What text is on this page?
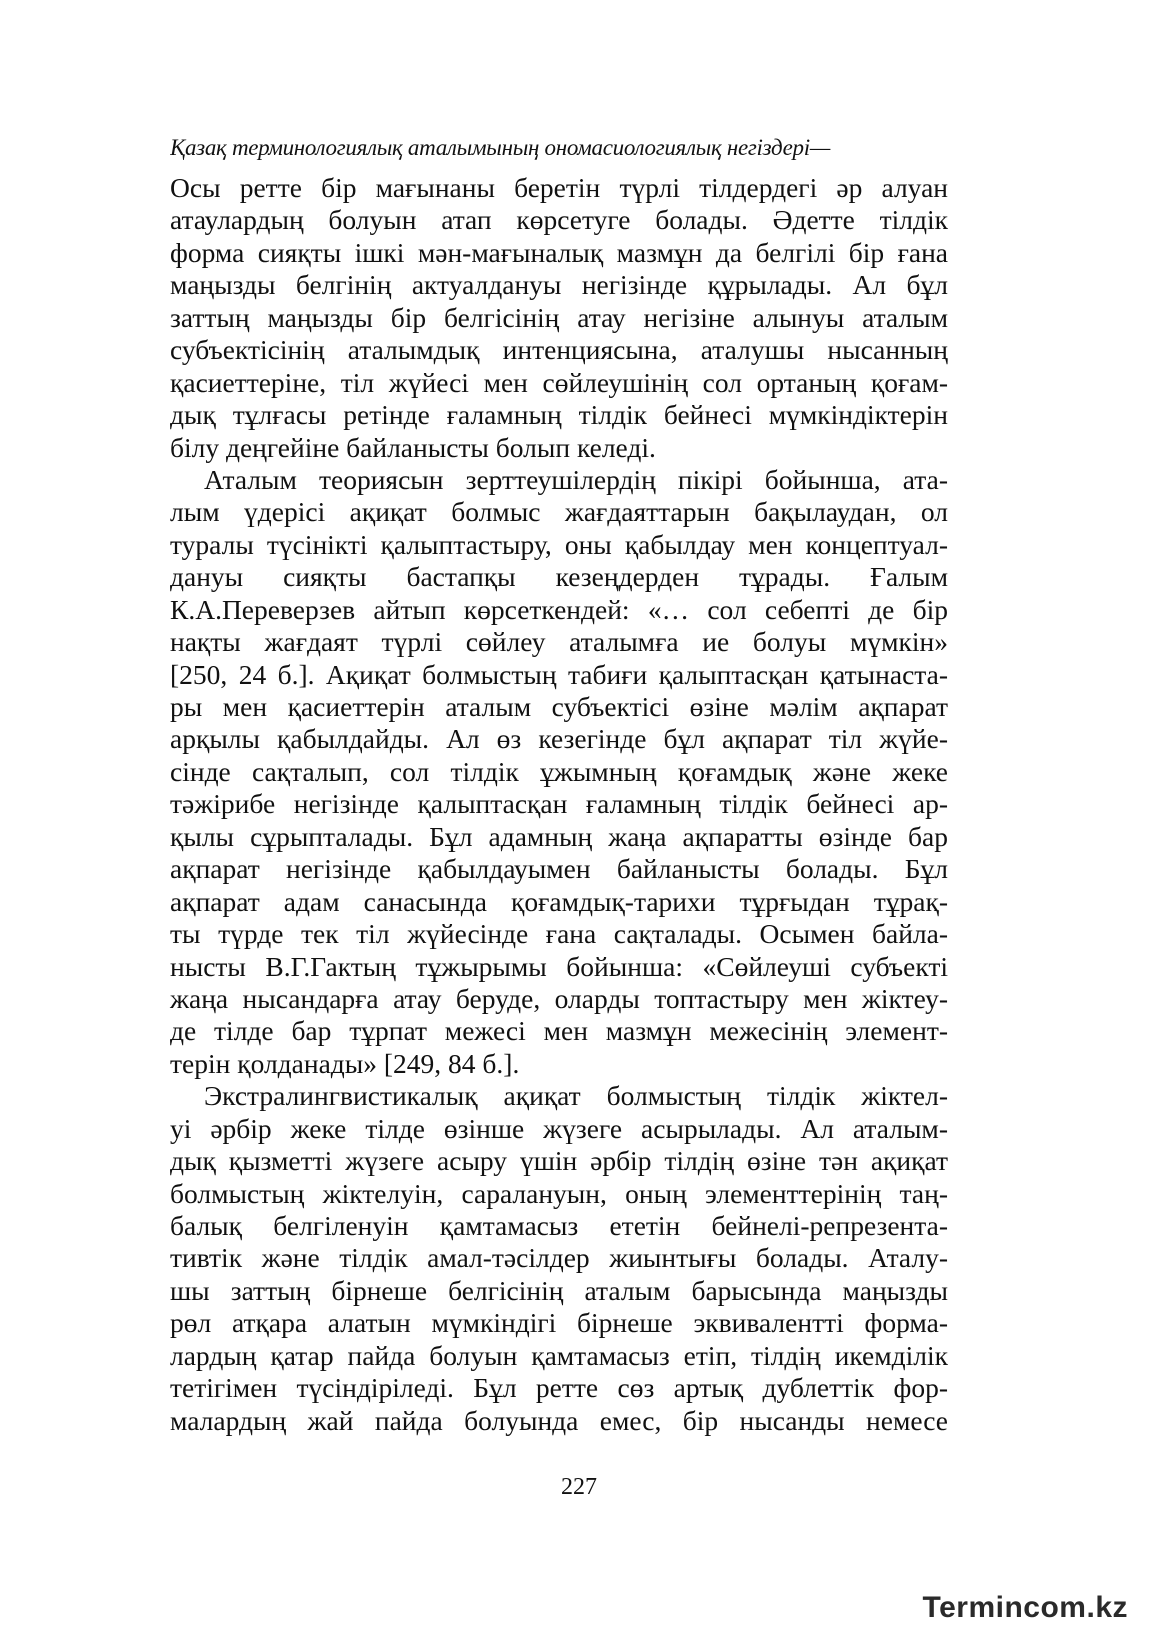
Қазақ терминологиялық аталымының ономасиологиялық негіздері—
Осы ретте бір мағынаны беретін түрлі тілдердегі әр алуан
атаулардың болуын атап көрсетуге болады. Әдетте тілдік
форма сияқты ішкі мән-мағыналық мазмұн да белгілі бір ғана
маңызды белгінің актуалдануы негізінде құрылады. Ал бұл
заттың маңызды бір белгісінің атау негізіне алынуы аталым
субъектісінің аталымдық интенциясына, аталушы нысанның
қасиеттеріне, тіл жүйесі мен сөйлеушінің сол ортаның қоғам-
дық тұлғасы ретінде ғаламның тілдік бейнесі мүмкіндіктерін
білу деңгейіне байланысты болып келеді.
Аталым теориясын зерттеушілердің пікірі бойынша, ата-
лым үдерісі ақиқат болмыс жағдаяттарын бақылаудан, ол
туралы түсінікті қалыптастыру, оны қабылдау мен концептуал-
дануы сияқты бастапқы кезеңдерден тұрады. Ғалым
К.А.Переверзев айтып көрсеткендей: «… сол себепті де бір
нақты жағдаят түрлі сөйлеу аталымға ие болуы мүмкін»
[250, 24 б.]. Ақиқат болмыстың табиғи қалыптасқан қатынаста-
ры мен қасиеттерін аталым субъектісі өзіне мәлім ақпарат
арқылы қабылдайды. Ал өз кезегінде бұл ақпарат тіл жүйе-
сінде сақталып, сол тілдік ұжымның қоғамдық және жеке
тәжірибе негізінде қалыптасқан ғаламның тілдік бейнесі ар-
қылы сұрыпталады. Бұл адамның жаңа ақпаратты өзінде бар
ақпарат негізінде қабылдауымен байланысты болады. Бұл
ақпарат адам санасында қоғамдық-тарихи тұрғыдан тұрақ-
ты түрде тек тіл жүйесінде ғана сақталады. Осымен байла-
нысты В.Г.Гактың тұжырымы бойынша: «Сөйлеуші субъекті
жаңа нысандарға атау беруде, оларды топтастыру мен жіктеу-
де тілде бар тұрпат межесі мен мазмұн межесінің элемент-
терін қолданады» [249, 84 б.].
Экстралингвистикалық ақиқат болмыстың тілдік жіктел-
уі әрбір жеке тілде өзінше жүзеге асырылады. Ал аталым-
дық қызметті жүзеге асыру үшін әрбір тілдің өзіне тән ақиқат
болмыстың жіктелуін, саралануын, оның элементтерінің таң-
балық белгіленуін қамтамасыз ететін бейнелі-репрезента-
тивтік және тілдік амал-тәсілдер жиынтығы болады. Аталу-
шы заттың бірнеше белгісінің аталым барысында маңызды
рөл атқара алатын мүмкіндігі бірнеше эквивалентті форма-
лардың қатар пайда болуын қамтамасыз етіп, тілдің икемділік
тетігімен түсіндіріледі. Бұл ретте сөз артық дублеттік фор-
малардың жай пайда болуында емес, бір нысанды немесе
227
Termincom.kz
